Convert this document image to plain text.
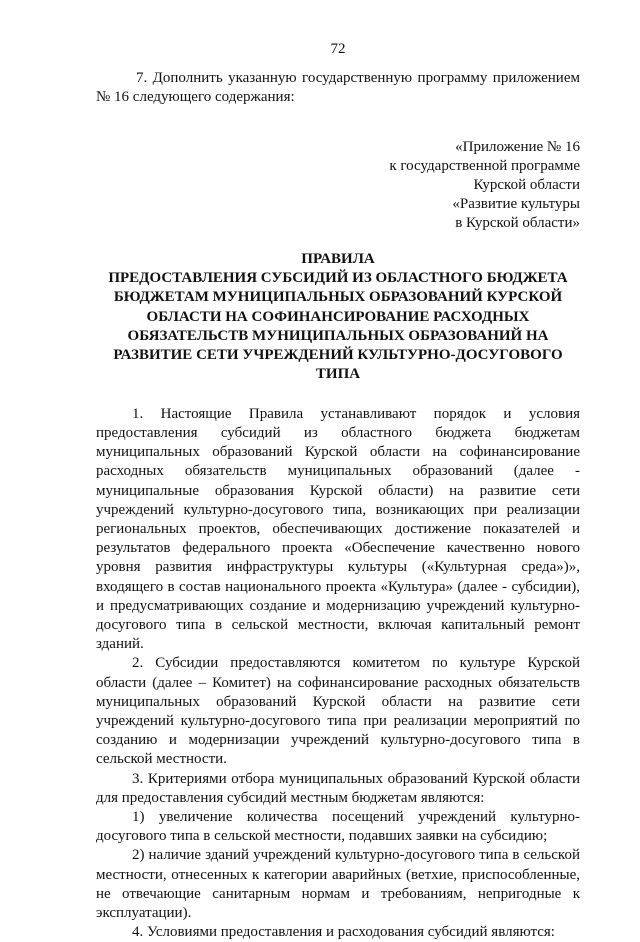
72

7. Дополнить указанную государственную программу приложением № 16 следующего содержания:

«Приложение № 16
к государственной программе
Курской области
«Развитие культуры
в Курской области»
ПРАВИЛА
ПРЕДОСТАВЛЕНИЯ СУБСИДИЙ ИЗ ОБЛАСТНОГО БЮДЖЕТА БЮДЖЕТАМ МУНИЦИПАЛЬНЫХ ОБРАЗОВАНИЙ КУРСКОЙ ОБЛАСТИ НА СОФИНАНСИРОВАНИЕ РАСХОДНЫХ ОБЯЗАТЕЛЬСТВ МУНИЦИПАЛЬНЫХ ОБРАЗОВАНИЙ НА РАЗВИТИЕ СЕТИ УЧРЕЖДЕНИЙ КУЛЬТУРНО-ДОСУГОВОГО ТИПА

1. Настоящие Правила устанавливают порядок и условия предоставления субсидий из областного бюджета бюджетам муниципальных образований Курской области на софинансирование расходных обязательств муниципальных образований (далее - муниципальные образования Курской области) на развитие сети учреждений культурно-досугового типа, возникающих при реализации региональных проектов, обеспечивающих достижение показателей и результатов федерального проекта «Обеспечение качественно нового уровня развития инфраструктуры культуры («Культурная среда»)», входящего в состав национального проекта «Культура» (далее - субсидии), и предусматривающих создание и модернизацию учреждений культурно-досугового типа в сельской местности, включая капитальный ремонт зданий.

2. Субсидии предоставляются комитетом по культуре Курской области (далее – Комитет) на софинансирование расходных обязательств муниципальных образований Курской области на развитие сети учреждений культурно-досугового типа при реализации мероприятий по созданию и модернизации учреждений культурно-досугового типа в сельской местности.

3. Критериями отбора муниципальных образований Курской области для предоставления субсидий местным бюджетам являются:

1) увеличение количества посещений учреждений культурно-досугового типа в сельской местности, подавших заявки на субсидию;

2) наличие зданий учреждений культурно-досугового типа в сельской местности, отнесенных к категории аварийных (ветхие, приспособленные, не отвечающие санитарным нормам и требованиям, непригодные к эксплуатации).

4. Условиями предоставления и расходования субсидий являются:
